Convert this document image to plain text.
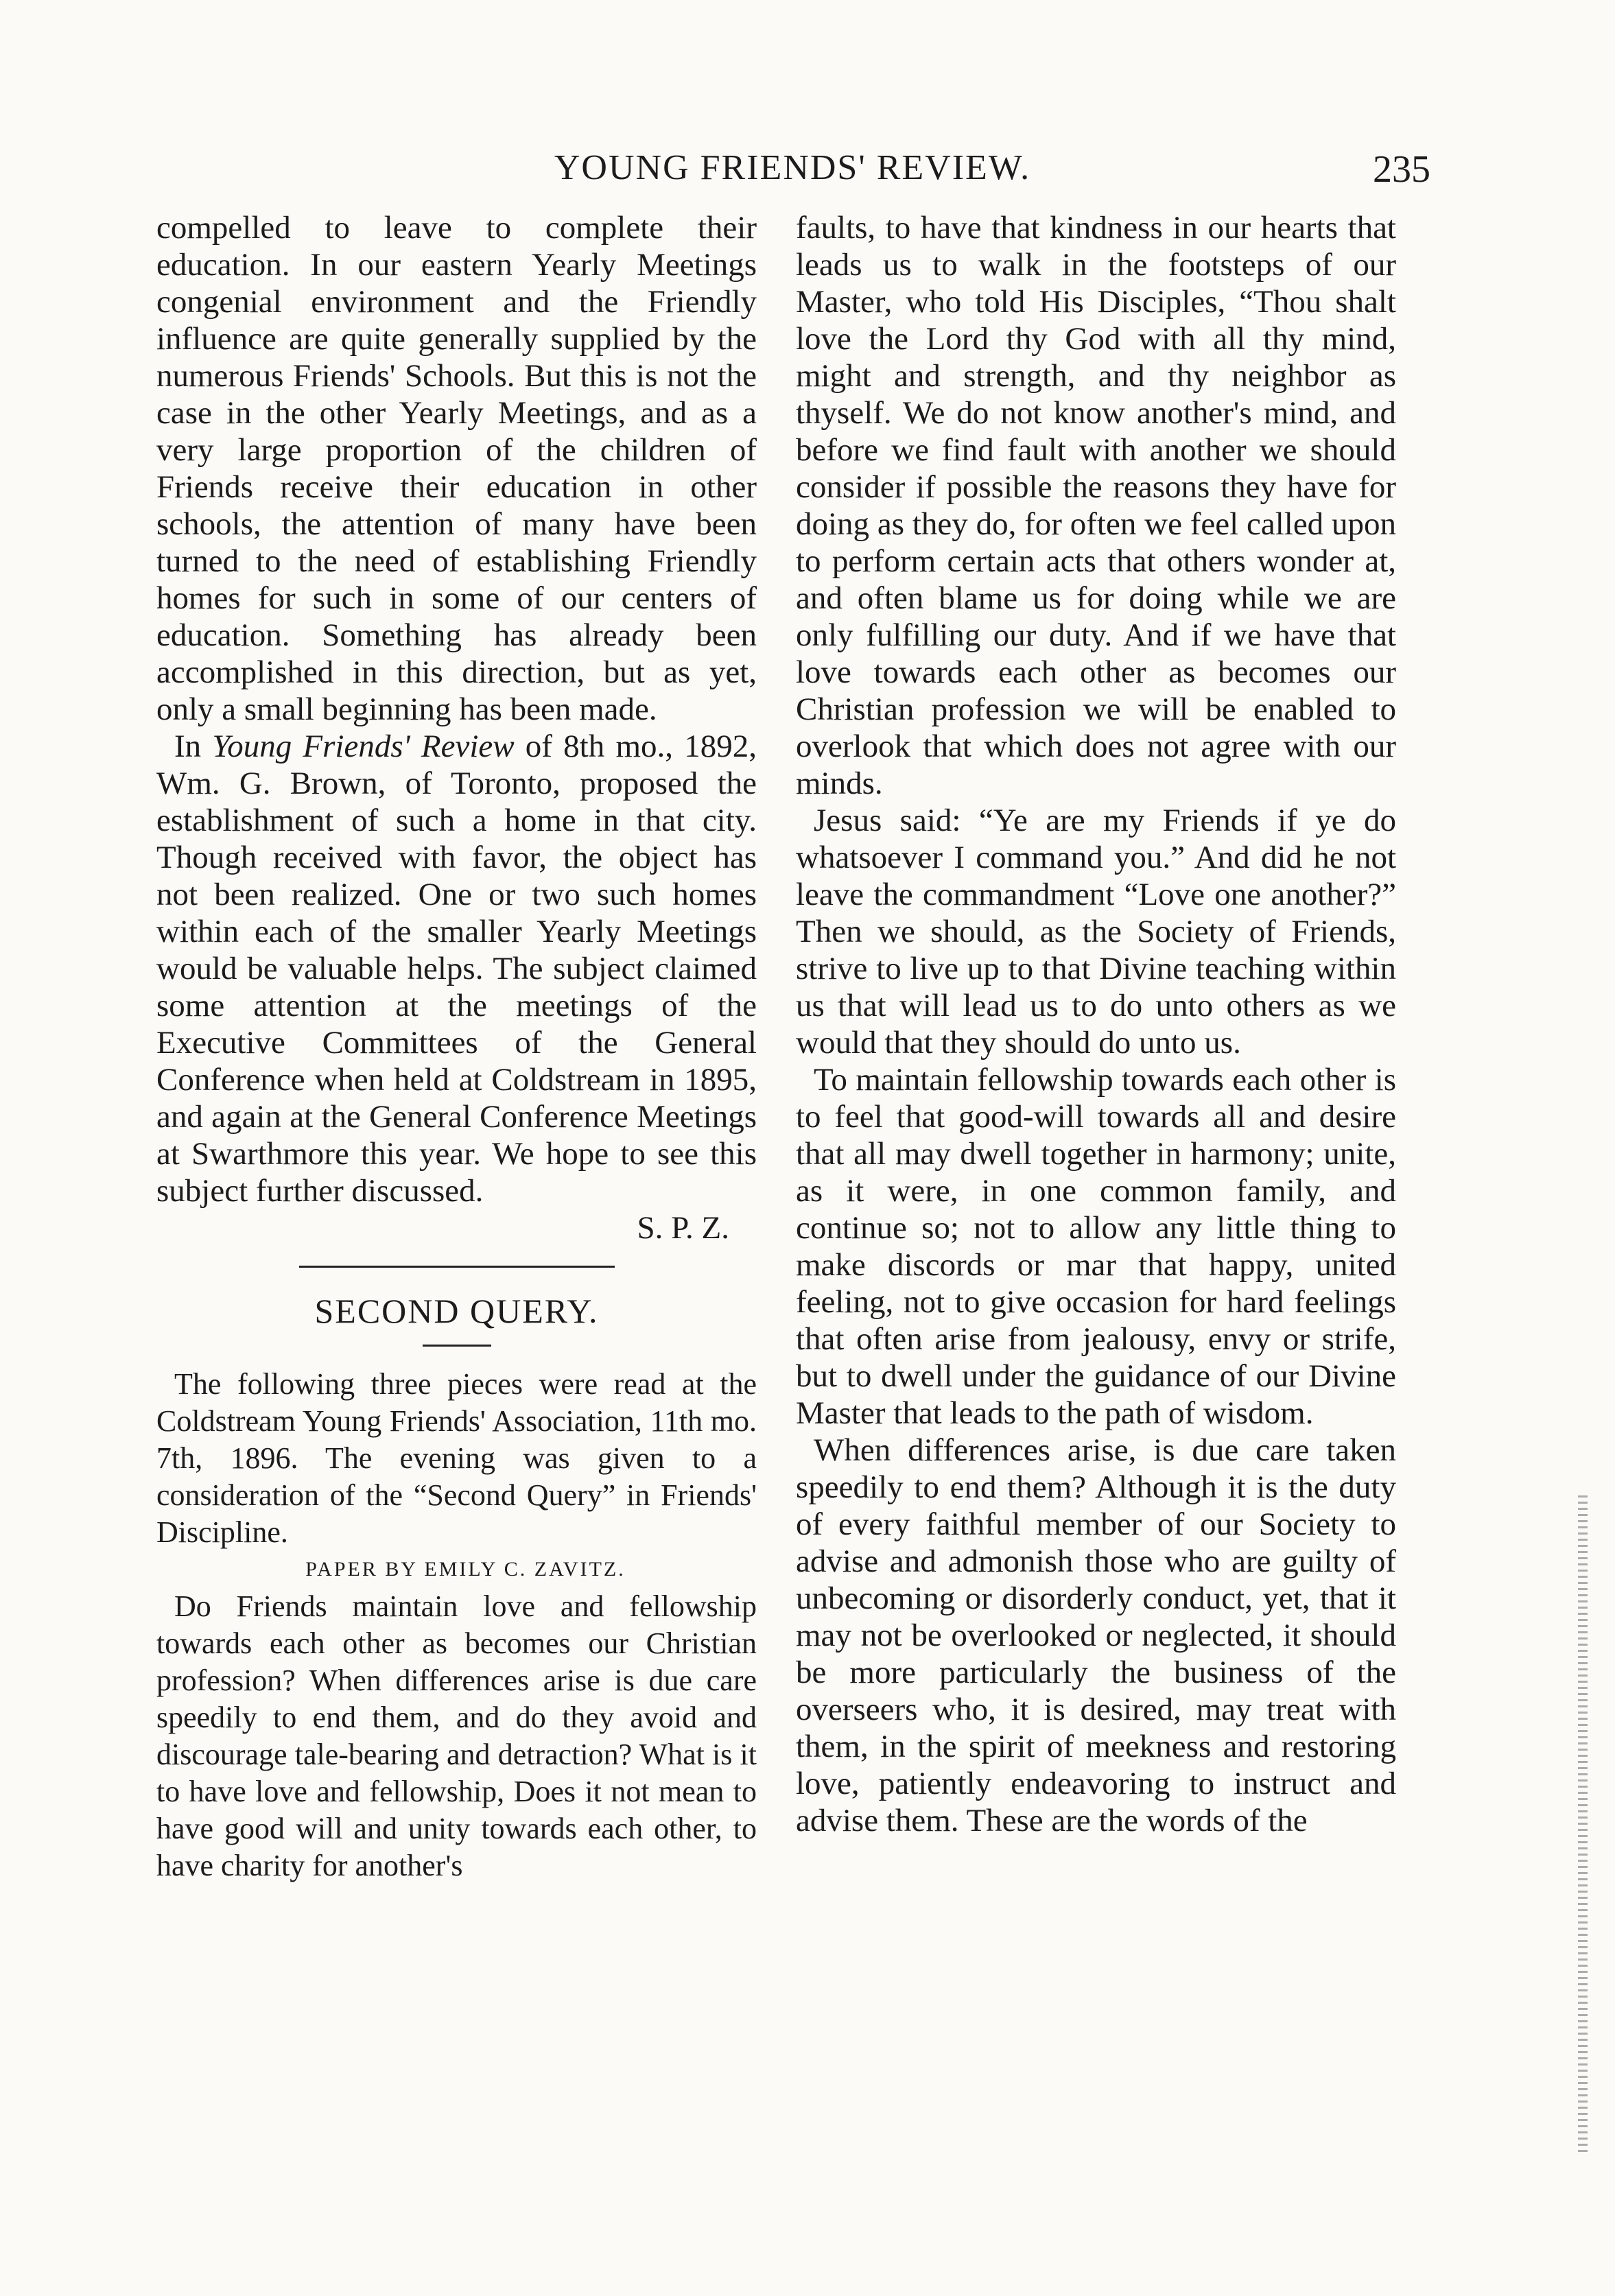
YOUNG FRIENDS' REVIEW.	235

compelled to leave to complete their education. In our eastern Yearly Meetings congenial environment and the Friendly influence are quite generally supplied by the numerous Friends' Schools. But this is not the case in the other Yearly Meetings, and as a very large proportion of the children of Friends receive their education in other schools, the attention of many have been turned to the need of establishing Friendly homes for such in some of our centers of education. Something has already been accomplished in this direction, but as yet, only a small beginning has been made.

In Young Friends' Review of 8th mo., 1892, Wm. G. Brown, of Toronto, proposed the establishment of such a home in that city. Though received with favor, the object has not been realized. One or two such homes within each of the smaller Yearly Meetings would be valuable helps. The subject claimed some attention at the meetings of the Executive Committees of the General Conference when held at Coldstream in 1895, and again at the General Conference Meetings at Swarthmore this year. We hope to see this subject further discussed.

S. P. Z.

SECOND QUERY.

The following three pieces were read at the Coldstream Young Friends' Association, 11th mo. 7th, 1896. The evening was given to a consideration of the “Second Query” in Friends' Discipline.

PAPER BY EMILY C. ZAVITZ.

Do Friends maintain love and fellowship towards each other as becomes our Christian profession? When differences arise is due care speedily to end them, and do they avoid and discourage tale-bearing and detraction? What is it to have love and fellowship, Does it not mean to have good will and unity towards each other, to have charity for another's

faults, to have that kindness in our hearts that leads us to walk in the footsteps of our Master, who told His Disciples, “Thou shalt love the Lord thy God with all thy mind, might and strength, and thy neighbor as thyself. We do not know another's mind, and before we find fault with another we should consider if possible the reasons they have for doing as they do, for often we feel called upon to perform certain acts that others wonder at, and often blame us for doing while we are only fulfilling our duty. And if we have that love towards each other as becomes our Christian profession we will be enabled to overlook that which does not agree with our minds.

Jesus said: “Ye are my Friends if ye do whatsoever I command you.” And did he not leave the commandment “Love one another?” Then we should, as the Society of Friends, strive to live up to that Divine teaching within us that will lead us to do unto others as we would that they should do unto us.

To maintain fellowship towards each other is to feel that good-will towards all and desire that all may dwell together in harmony; unite, as it were, in one common family, and continue so; not to allow any little thing to make discords or mar that happy, united feeling, not to give occasion for hard feelings that often arise from jealousy, envy or strife, but to dwell under the guidance of our Divine Master that leads to the path of wisdom.

When differences arise, is due care taken speedily to end them? Although it is the duty of every faithful member of our Society to advise and admonish those who are guilty of unbecoming or disorderly conduct, yet, that it may not be overlooked or neglected, it should be more particularly the business of the overseers who, it is desired, may treat with them, in the spirit of meekness and restoring love, patiently endeavoring to instruct and advise them. These are the words of the
